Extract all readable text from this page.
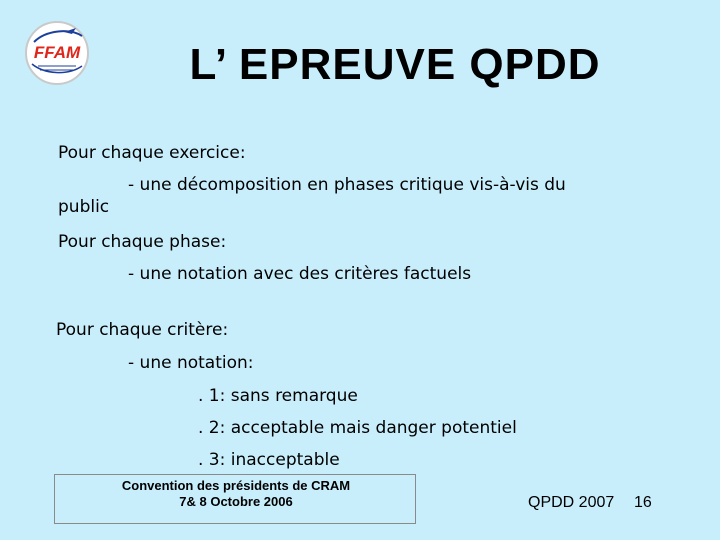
FFAM	L’ EPREUVE QPDD
Pour chaque exercice:
- une décomposition en phases critique vis-à-vis du
public
Pour chaque phase:
- une notation avec des critères factuels
Pour chaque critère:
- une notation:
. 1: sans remarque
. 2: acceptable mais danger potentiel
. 3: inacceptable
Convention des présidents de CRAM
7& 8 Octobre 2006	QPDD 2007 16
